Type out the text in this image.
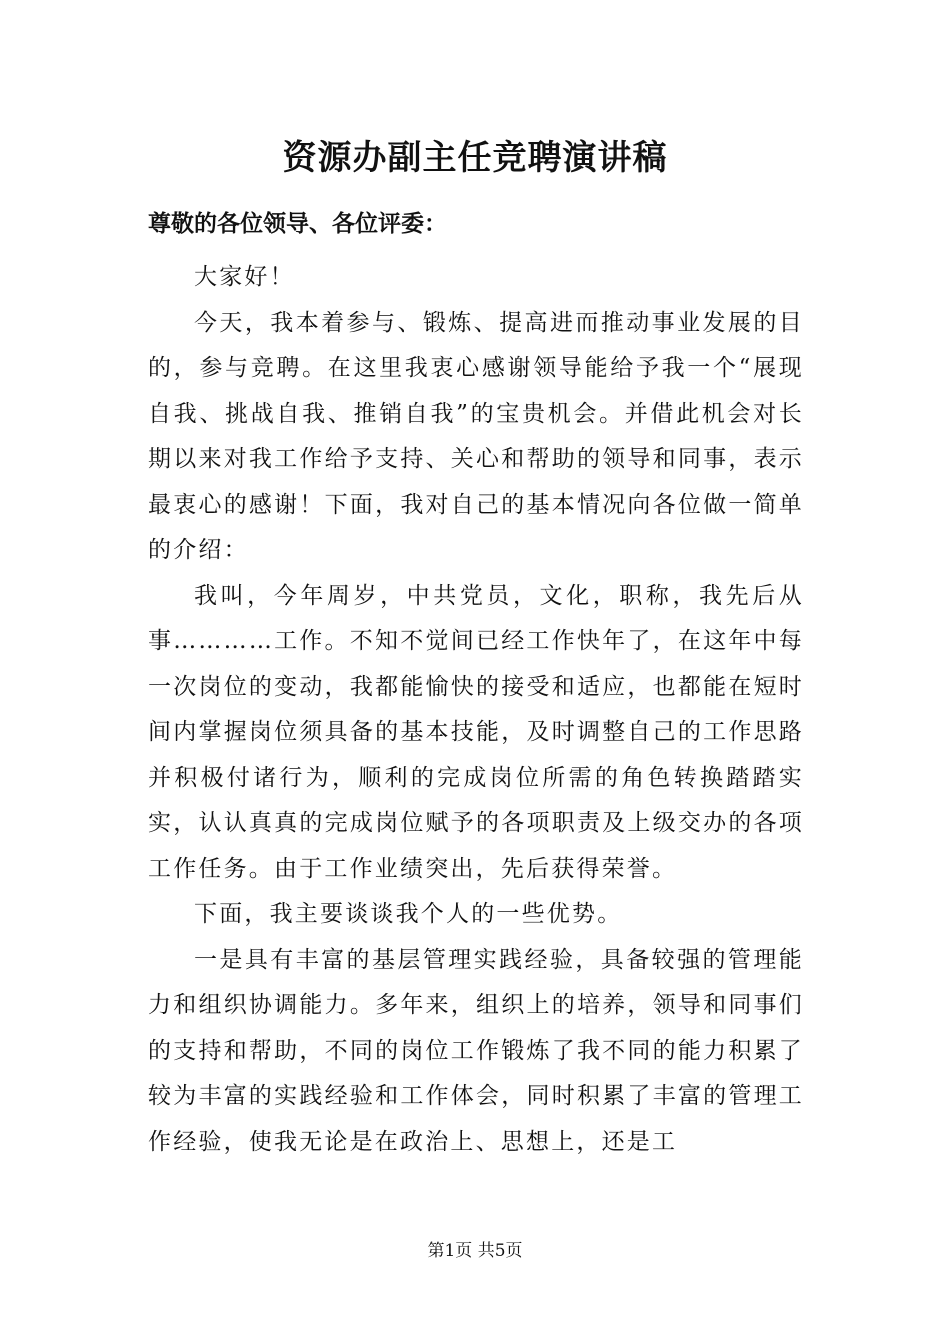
资源办副主任竞聘演讲稿

尊敬的各位领导、各位评委：

大家好！

今天，我本着参与、锻炼、提高进而推动事业发展的目的，参与竞聘。在这里我衷心感谢领导能给予我一个“展现自我、挑战自我、推销自我”的宝贵机会。并借此机会对长期以来对我工作给予支持、关心和帮助的领导和同事，表示最衷心的感谢！下面，我对自己的基本情况向各位做一简单的介绍：

我叫，今年周岁，中共党员，文化，职称，我先后从事…………工作。不知不觉间已经工作快年了，在这年中每一次岗位的变动，我都能愉快的接受和适应，也都能在短时间内掌握岗位须具备的基本技能，及时调整自己的工作思路并积极付诸行为，顺利的完成岗位所需的角色转换踏踏实实，认认真真的完成岗位赋予的各项职责及上级交办的各项工作任务。由于工作业绩突出，先后获得荣誉。

下面，我主要谈谈我个人的一些优势。

一是具有丰富的基层管理实践经验，具备较强的管理能力和组织协调能力。多年来，组织上的培养，领导和同事们的支持和帮助，不同的岗位工作锻炼了我不同的能力积累了较为丰富的实践经验和工作体会，同时积累了丰富的管理工作经验，使我无论是在政治上、思想上，还是工

第1页 共5页
